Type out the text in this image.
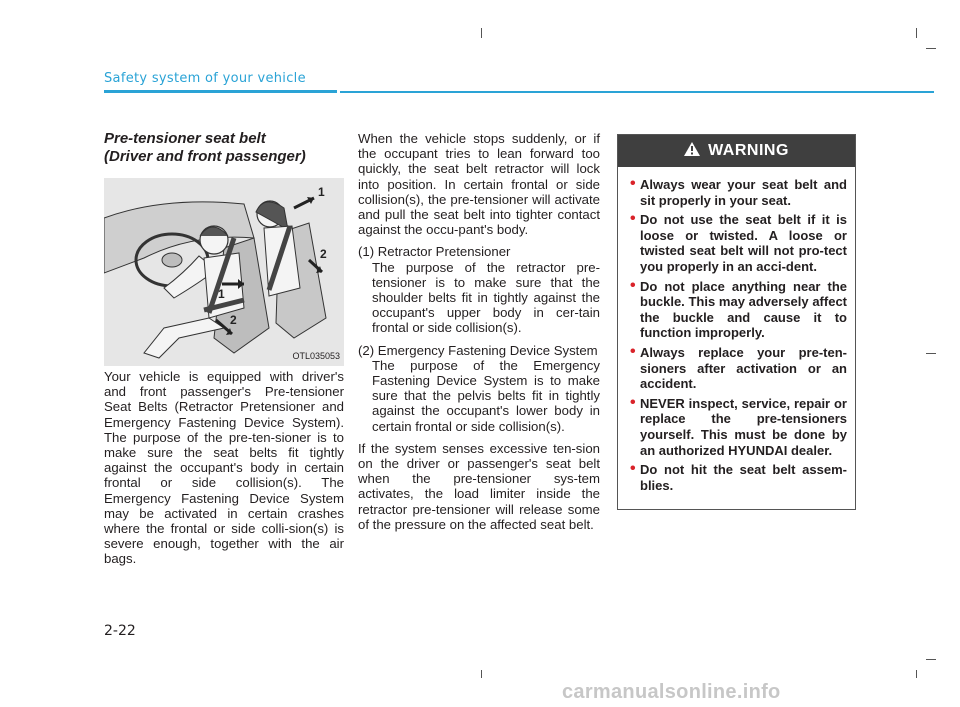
Safety system of your vehicle
Pre-tensioner seat belt
(Driver and front passenger)
1
2
1
2
OTL035053

Your vehicle is equipped with driver's and front passenger's Pre-tensioner Seat Belts (Retractor Pretensioner and Emergency Fastening Device System). The purpose of the pre-ten-sioner is to make sure the seat belts fit tightly against the occupant's body in certain frontal or side collision(s). The Emergency Fastening Device System may be activated in certain crashes where the frontal or side colli-sion(s) is severe enough, together with the air bags.

When the vehicle stops suddenly, or if the occupant tries to lean forward too quickly, the seat belt retractor will lock into position. In certain frontal or side collision(s), the pre-tensioner will activate and pull the seat belt into tighter contact against the occu-pant's body.

(1) Retractor Pretensioner

The purpose of the retractor pre-tensioner is to make sure that the shoulder belts fit in tightly against the occupant's upper body in cer-tain frontal or side collision(s).

(2) Emergency Fastening Device System

The purpose of the Emergency Fastening Device System is to make sure that the pelvis belts fit in tightly against the occupant's lower body in certain frontal or side collision(s).

If the system senses excessive ten-sion on the driver or passenger's seat belt when the pre-tensioner sys-tem activates, the load limiter inside the retractor pre-tensioner will release some of the pressure on the affected seat belt.

WARNING
• Always wear your seat belt and sit properly in your seat.
• Do not use the seat belt if it is loose or twisted. A loose or twisted seat belt will not pro-tect you properly in an acci-dent.
• Do not place anything near the buckle. This may adversely affect the buckle and cause it to function improperly.
• Always replace your pre-ten-sioners after activation or an accident.
• NEVER inspect, service, repair or replace the pre-tensioners yourself. This must be done by an authorized HYUNDAI dealer.
• Do not hit the seat belt assem-blies.
2-22
carmanualsonline.info
